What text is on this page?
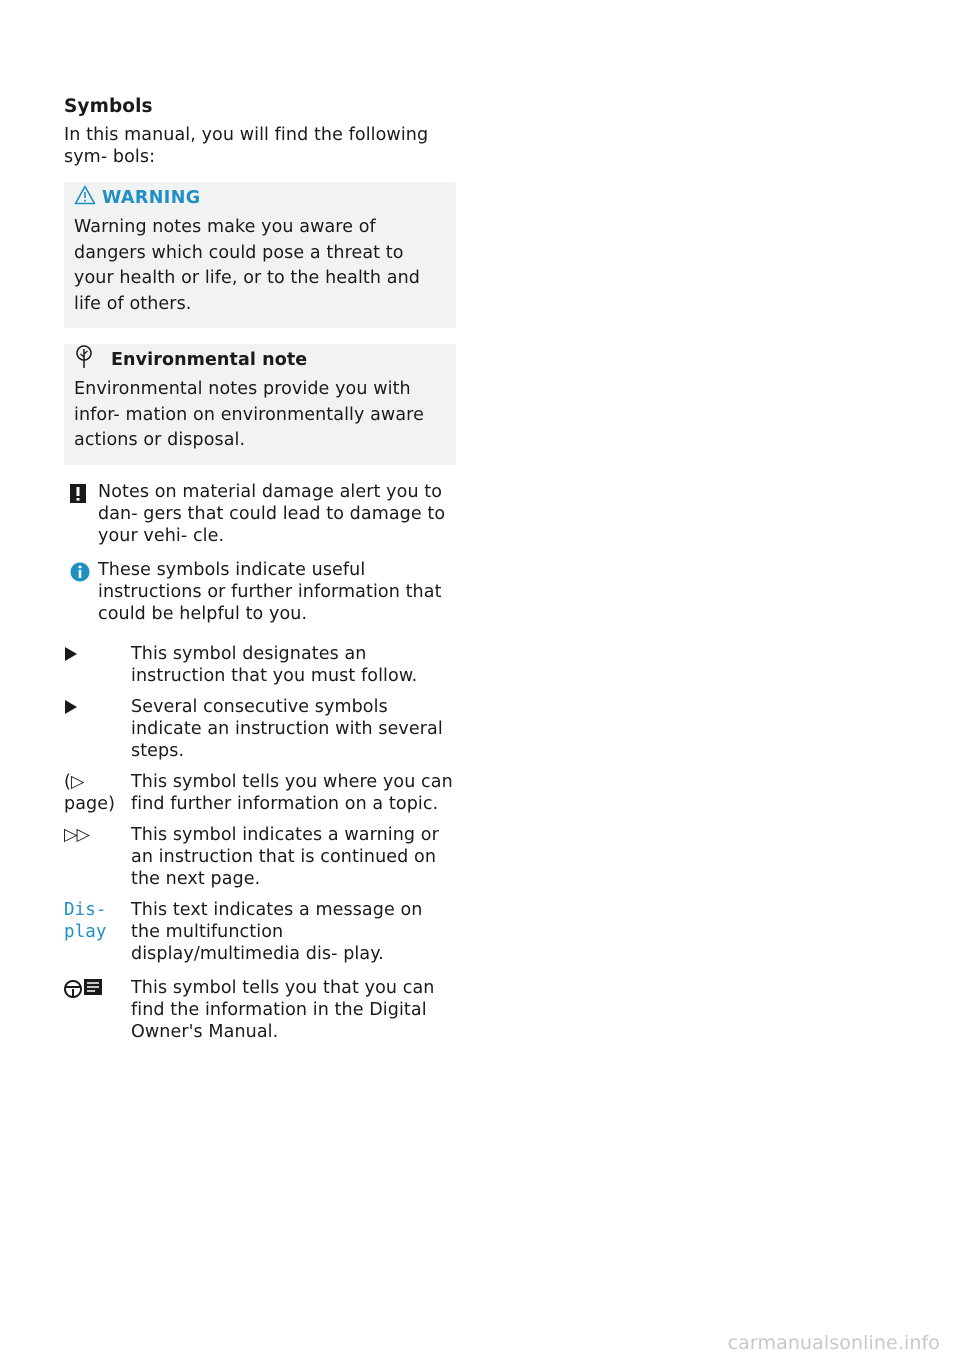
Symbols
In this manual, you will find the following sym- bols:
WARNING
Warning notes make you aware of dangers which could pose a threat to your health or life, or to the health and life of others.
Environmental note
Environmental notes provide you with infor- mation on environmentally aware actions or disposal.
Notes on material damage alert you to dan- gers that could lead to damage to your vehi- cle.
These symbols indicate useful instructions or further information that could be helpful to you.
This symbol designates an instruction that you must follow.
Several consecutive symbols indicate an instruction with several steps.
(▷ page)
This symbol tells you where you can find further information on a topic.
▷▷	This symbol indicates a warning or an instruction that is continued on the next page.
Dis‐ play
This text indicates a message on the multifunction display/multimedia dis- play.
This symbol tells you that you can find the information in the Digital Owner's Manual.
carmanualsonline.info
